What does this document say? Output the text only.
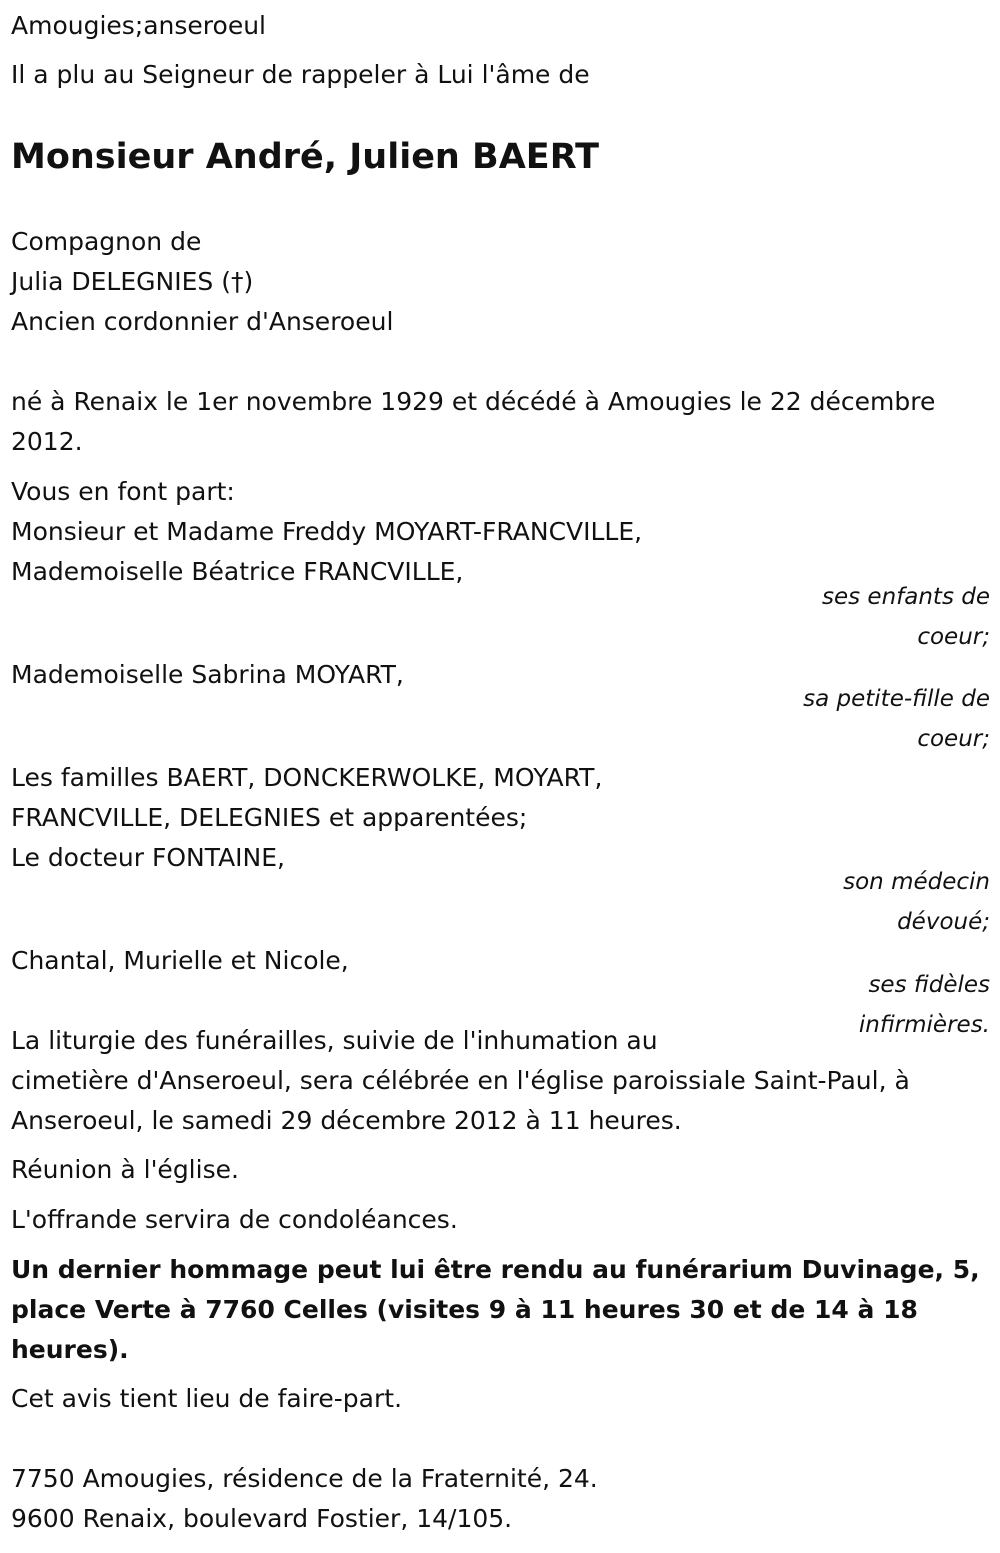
Amougies;anseroeul

Il a plu au Seigneur de rappeler à Lui l'âme de

Monsieur André, Julien BAERT

Compagnon de

Julia DELEGNIES (†)

Ancien cordonnier d'Anseroeul

né à Renaix le 1er novembre 1929 et décédé à Amougies le 22 décembre

2012.

Vous en font part:

Monsieur et Madame Freddy MOYART-FRANCVILLE,

Mademoiselle Béatrice FRANCVILLE,

ses enfants de coeur;

Mademoiselle Sabrina MOYART,

sa petite-fille de coeur;

Les familles BAERT, DONCKERWOLKE, MOYART,

FRANCVILLE, DELEGNIES et apparentées;

Le docteur FONTAINE,

son médecin dévoué;

Chantal, Murielle et Nicole,

ses fidèles infirmières.

La liturgie des funérailles, suivie de l'inhumation au

cimetière d'Anseroeul, sera célébrée en l'église paroissiale Saint-Paul, à

Anseroeul, le samedi 29 décembre 2012 à 11 heures.

Réunion à l'église.

L'offrande servira de condoléances.

Un dernier hommage peut lui être rendu au funérarium Duvinage, 5,

place Verte à 7760 Celles (visites 9 à 11 heures 30 et de 14 à 18

heures).

Cet avis tient lieu de faire-part.

7750 Amougies, résidence de la Fraternité, 24.

9600 Renaix, boulevard Fostier, 14/105.
